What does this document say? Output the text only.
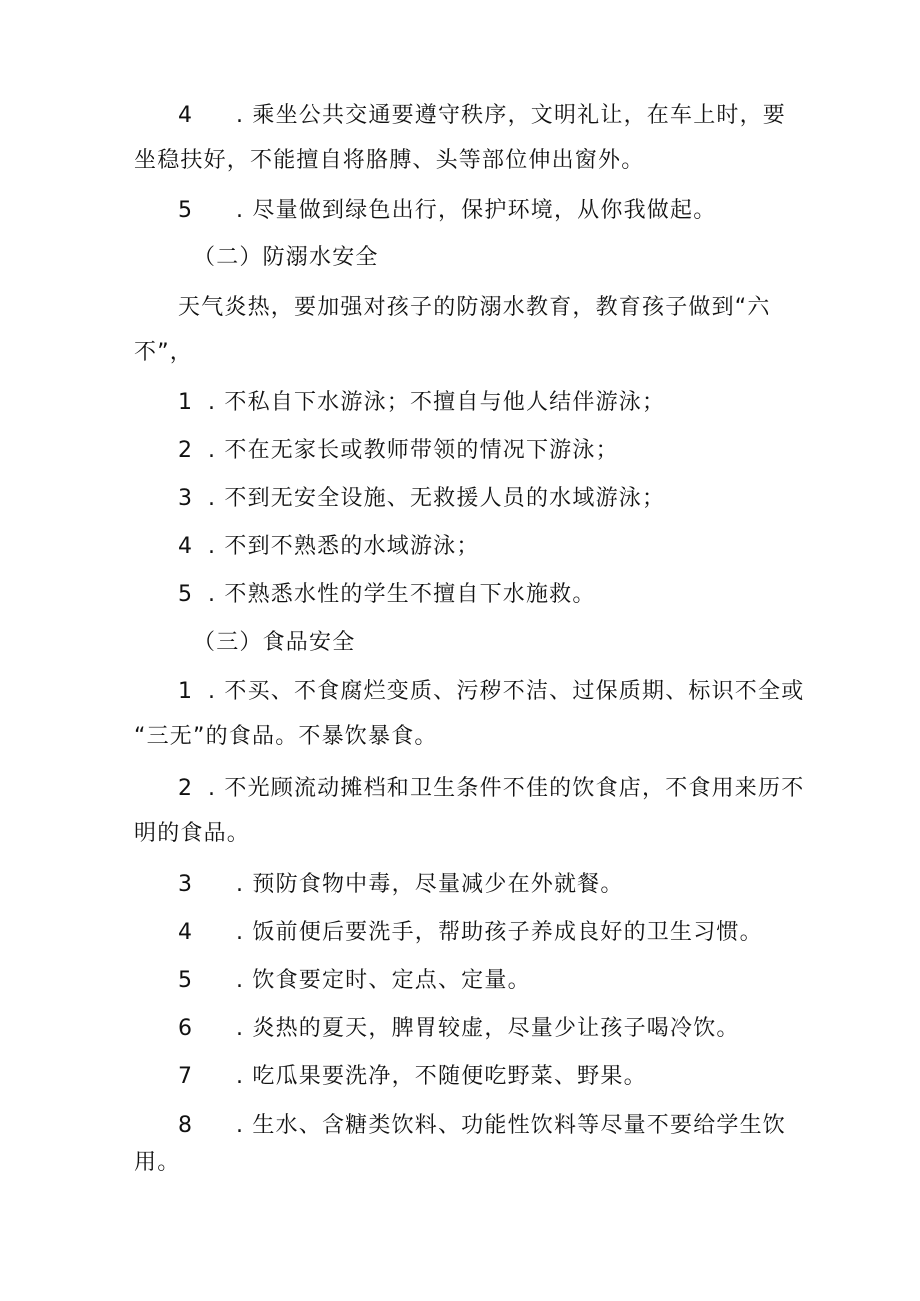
4 . 乘坐公共交通要遵守秩序，文明礼让，在车上时，要
坐稳扶好，不能擅自将胳膊、头等部位伸出窗外。
5 . 尽量做到绿色出行，保护环境，从你我做起。
（二）防溺水安全
天气炎热，要加强对孩子的防溺水教育，教育孩子做到“六
不”，
1 . 不私自下水游泳；不擅自与他人结伴游泳；
2 . 不在无家长或教师带领的情况下游泳；
3 . 不到无安全设施、无救援人员的水域游泳；
4 . 不到不熟悉的水域游泳；
5 . 不熟悉水性的学生不擅自下水施救。
（三）食品安全
1 . 不买、不食腐烂变质、污秽不洁、过保质期、标识不全或
“三无”的食品。不暴饮暴食。
2 . 不光顾流动摊档和卫生条件不佳的饮食店，不食用来历不
明的食品。
3 . 预防食物中毒，尽量减少在外就餐。
4 . 饭前便后要洗手，帮助孩子养成良好的卫生习惯。
5 . 饮食要定时、定点、定量。
6 . 炎热的夏天，脾胃较虚，尽量少让孩子喝冷饮。
7 . 吃瓜果要洗净，不随便吃野菜、野果。
8 . 生水、含糖类饮料、功能性饮料等尽量不要给学生饮
用。
